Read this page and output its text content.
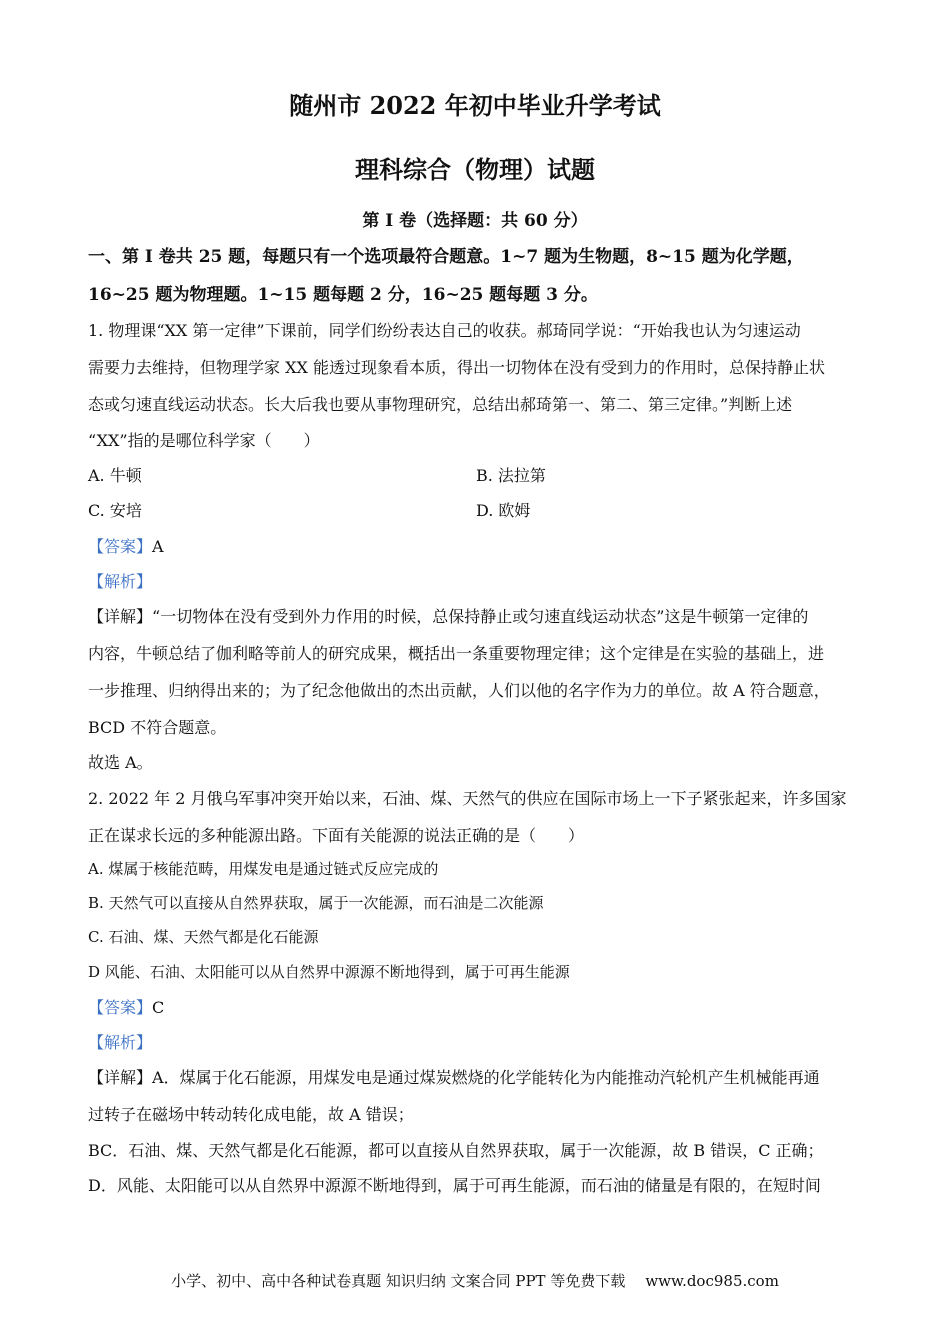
随州市 2022 年初中毕业升学考试
理科综合（物理）试题
第 I 卷（选择题：共 60 分）
一、第 I 卷共 25 题，每题只有一个选项最符合题意。1~7 题为生物题，8~15 题为化学题，
16~25 题为物理题。1~15 题每题 2 分，16~25 题每题 3 分。
1. 物理课“XX 第一定律”下课前，同学们纷纷表达自己的收获。郝琦同学说：“开始我也认为匀速运动
需要力去维持，但物理学家 XX 能透过现象看本质，得出一切物体在没有受到力的作用时，总保持静止状
态或匀速直线运动状态。长大后我也要从事物理研究，总结出郝琦第一、第二、第三定律。”判断上述
“XX”指的是哪位科学家（　　）
A. 牛顿	B. 法拉第
C. 安培	D. 欧姆
【答案】A
【解析】
【详解】“一切物体在没有受到外力作用的时候，总保持静止或匀速直线运动状态”这是牛顿第一定律的
内容，牛顿总结了伽利略等前人的研究成果，概括出一条重要物理定律；这个定律是在实验的基础上，进
一步推理、归纳得出来的；为了纪念他做出的杰出贡献，人们以他的名字作为力的单位。故 A 符合题意，
BCD 不符合题意。
故选 A。
2. 2022 年 2 月俄乌军事冲突开始以来，石油、煤、天然气的供应在国际市场上一下子紧张起来，许多国家
正在谋求长远的多种能源出路。下面有关能源的说法正确的是（　　）
A. 煤属于核能范畴，用煤发电是通过链式反应完成的
B. 天然气可以直接从自然界获取，属于一次能源，而石油是二次能源
C. 石油、煤、天然气都是化石能源
D 风能、石油、太阳能可以从自然界中源源不断地得到，属于可再生能源
【答案】C
【解析】
【详解】A．煤属于化石能源，用煤发电是通过煤炭燃烧的化学能转化为内能推动汽轮机产生机械能再通
过转子在磁场中转动转化成电能，故 A 错误；
BC．石油、煤、天然气都是化石能源，都可以直接从自然界获取，属于一次能源，故 B 错误，C 正确；
D．风能、太阳能可以从自然界中源源不断地得到，属于可再生能源，而石油的储量是有限的，在短时间
小学、初中、高中各种试卷真题 知识归纳 文案合同 PPT 等免费下载 www.doc985.com
